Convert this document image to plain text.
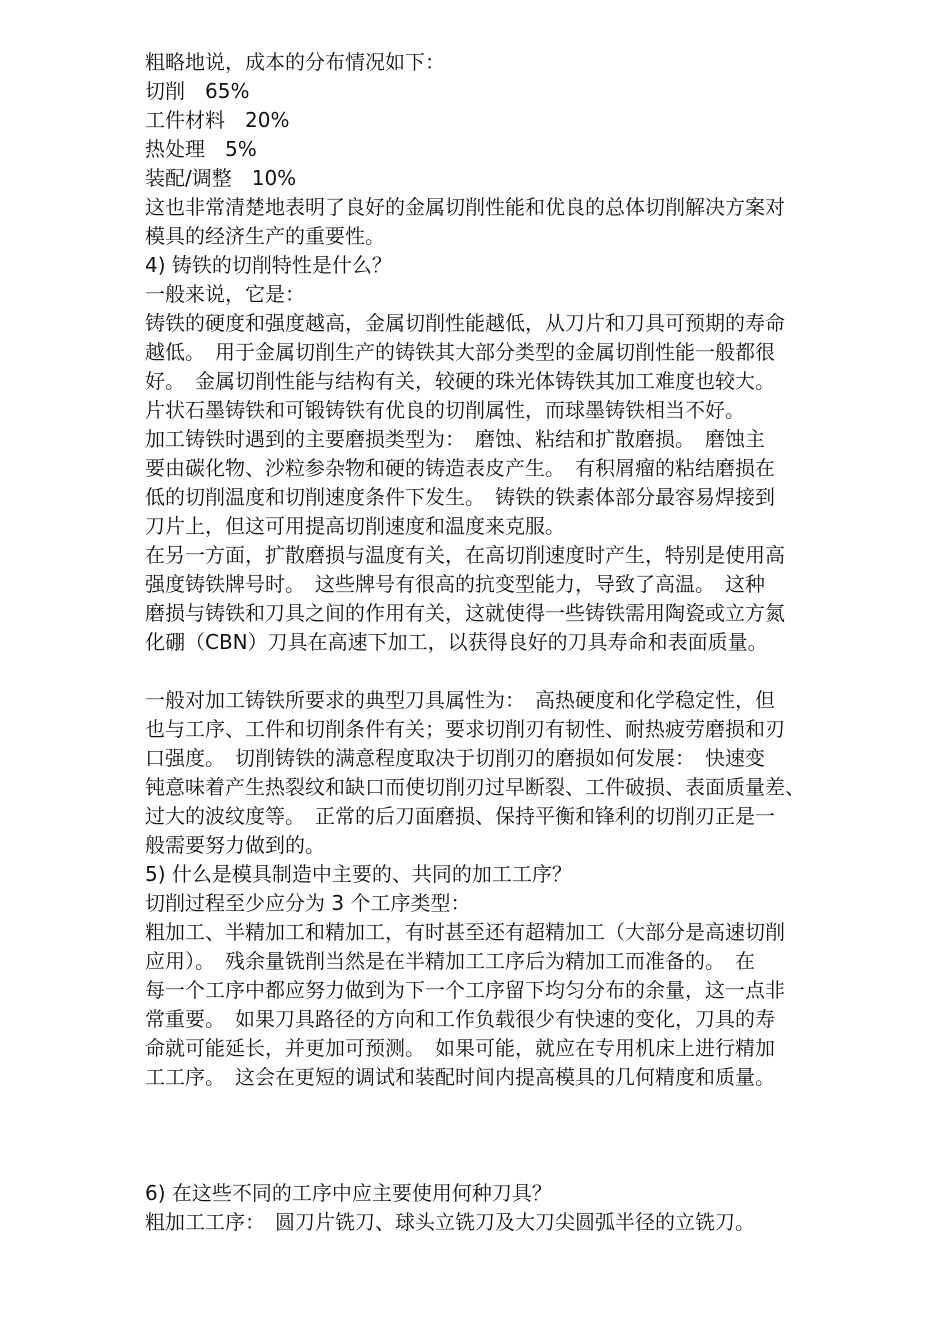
粗略地说，成本的分布情况如下：
切削　65%
工件材料　20%
热处理　5%
装配/调整　10%
这也非常清楚地表明了良好的金属切削性能和优良的总体切削解决方案对
模具的经济生产的重要性。
4) 铸铁的切削特性是什么？
一般来说，它是：
铸铁的硬度和强度越高，金属切削性能越低，从刀片和刀具可预期的寿命
越低。　用于金属切削生产的铸铁其大部分类型的金属切削性能一般都很
好。　金属切削性能与结构有关，较硬的珠光体铸铁其加工难度也较大。
片状石墨铸铁和可锻铸铁有优良的切削属性，而球墨铸铁相当不好。
加工铸铁时遇到的主要磨损类型为：　磨蚀、粘结和扩散磨损。　磨蚀主
要由碳化物、沙粒参杂物和硬的铸造表皮产生。　有积屑瘤的粘结磨损在
低的切削温度和切削速度条件下发生。　铸铁的铁素体部分最容易焊接到
刀片上，但这可用提高切削速度和温度来克服。
在另一方面，扩散磨损与温度有关，在高切削速度时产生，特别是使用高
强度铸铁牌号时。　这些牌号有很高的抗变型能力，导致了高温。　这种
磨损与铸铁和刀具之间的作用有关，这就使得一些铸铁需用陶瓷或立方氮
化硼（CBN）刀具在高速下加工，以获得良好的刀具寿命和表面质量。
一般对加工铸铁所要求的典型刀具属性为：　高热硬度和化学稳定性，但
也与工序、工件和切削条件有关；要求切削刃有韧性、耐热疲劳磨损和刃
口强度。　切削铸铁的满意程度取决于切削刃的磨损如何发展：　快速变
钝意味着产生热裂纹和缺口而使切削刃过早断裂、工件破损、表面质量差、
过大的波纹度等。　正常的后刀面磨损、保持平衡和锋利的切削刃正是一
般需要努力做到的。
5) 什么是模具制造中主要的、共同的加工工序？
切削过程至少应分为 3 个工序类型：
粗加工、半精加工和精加工，有时甚至还有超精加工（大部分是高速切削
应用）。　残余量铣削当然是在半精加工工序后为精加工而准备的。　在
每一个工序中都应努力做到为下一个工序留下均匀分布的余量，这一点非
常重要。　如果刀具路径的方向和工作负载很少有快速的变化，刀具的寿
命就可能延长，并更加可预测。　如果可能，就应在专用机床上进行精加
工工序。　这会在更短的调试和装配时间内提高模具的几何精度和质量。
6) 在这些不同的工序中应主要使用何种刀具？
粗加工工序：　圆刀片铣刀、球头立铣刀及大刀尖圆弧半径的立铣刀。
